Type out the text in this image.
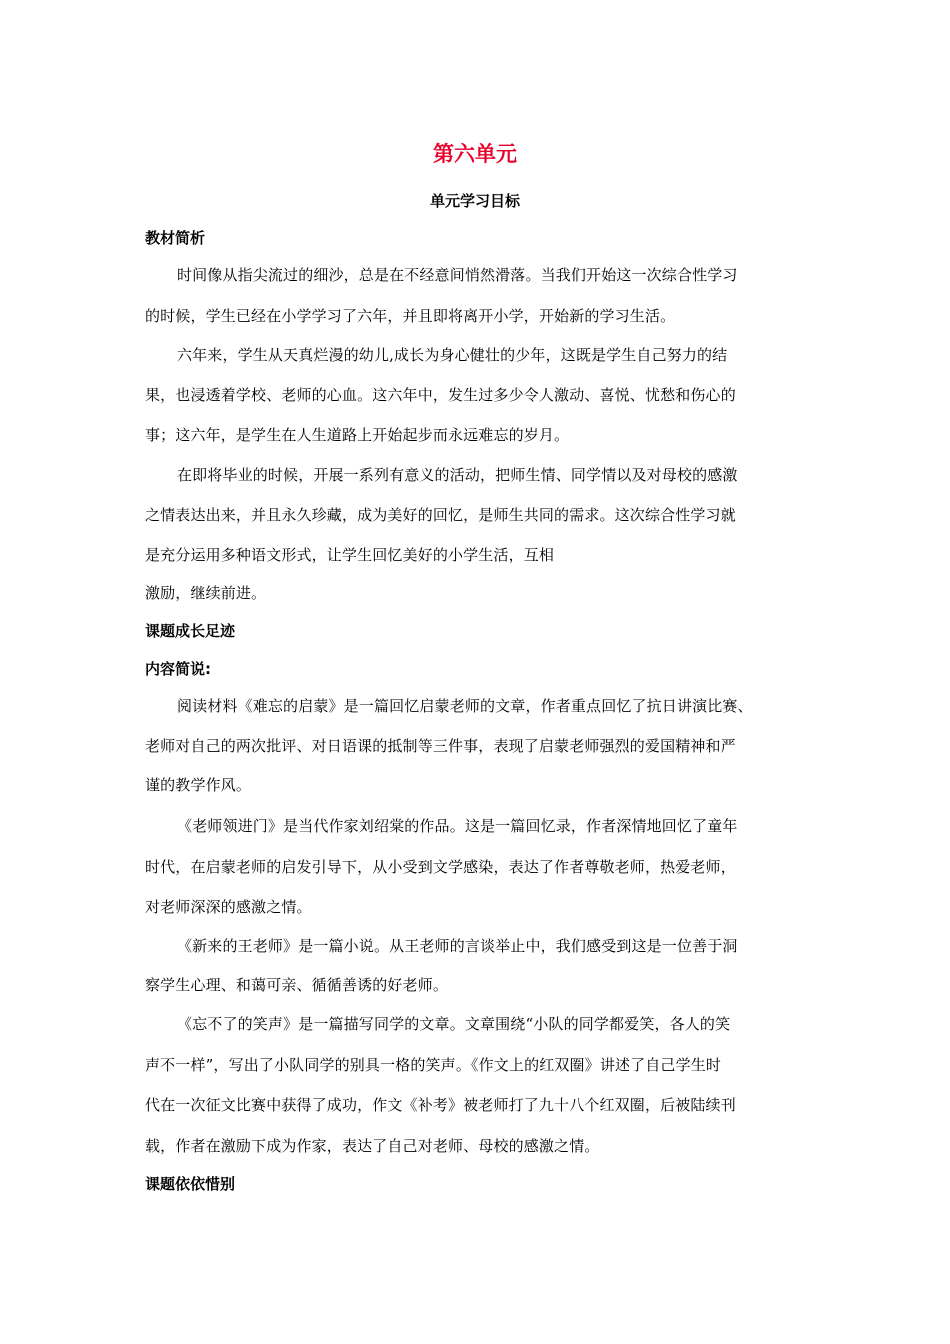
第六单元
单元学习目标
教材简析
时间像从指尖流过的细沙，总是在不经意间悄然滑落。当我们开始这一次综合性学习
的时候，学生已经在小学学习了六年，并且即将离开小学，开始新的学习生活。
六年来，学生从天真烂漫的幼儿,成长为身心健壮的少年，这既是学生自己努力的结
果，也浸透着学校、老师的心血。这六年中，发生过多少令人激动、喜悦、忧愁和伤心的
事；这六年，是学生在人生道路上开始起步而永远难忘的岁月。
在即将毕业的时候，开展一系列有意义的活动，把师生情、同学情以及对母校的感激
之情表达出来，并且永久珍藏，成为美好的回忆，是师生共同的需求。这次综合性学习就
是充分运用多种语文形式，让学生回忆美好的小学生活，互相
激励，继续前进。
课题成长足迹
内容简说:
阅读材料《难忘的启蒙》是一篇回忆启蒙老师的文章，作者重点回忆了抗日讲演比赛、
老师对自己的两次批评、对日语课的抵制等三件事，表现了启蒙老师强烈的爱国精神和严
谨的教学作风。
《老师领进门》是当代作家刘绍棠的作品。这是一篇回忆录，作者深情地回忆了童年
时代，在启蒙老师的启发引导下，从小受到文学感染，表达了作者尊敬老师，热爱老师，
对老师深深的感激之情。
《新来的王老师》是一篇小说。从王老师的言谈举止中，我们感受到这是一位善于洞
察学生心理、和蔼可亲、循循善诱的好老师。
《忘不了的笑声》是一篇描写同学的文章。文章围绕“小队的同学都爱笑，各人的笑
声不一样”，写出了小队同学的别具一格的笑声。《作文上的红双圈》讲述了自己学生时
代在一次征文比赛中获得了成功，作文《补考》被老师打了九十八个红双圈，后被陆续刊
载，作者在激励下成为作家，表达了自己对老师、母校的感激之情。
课题依依惜别
